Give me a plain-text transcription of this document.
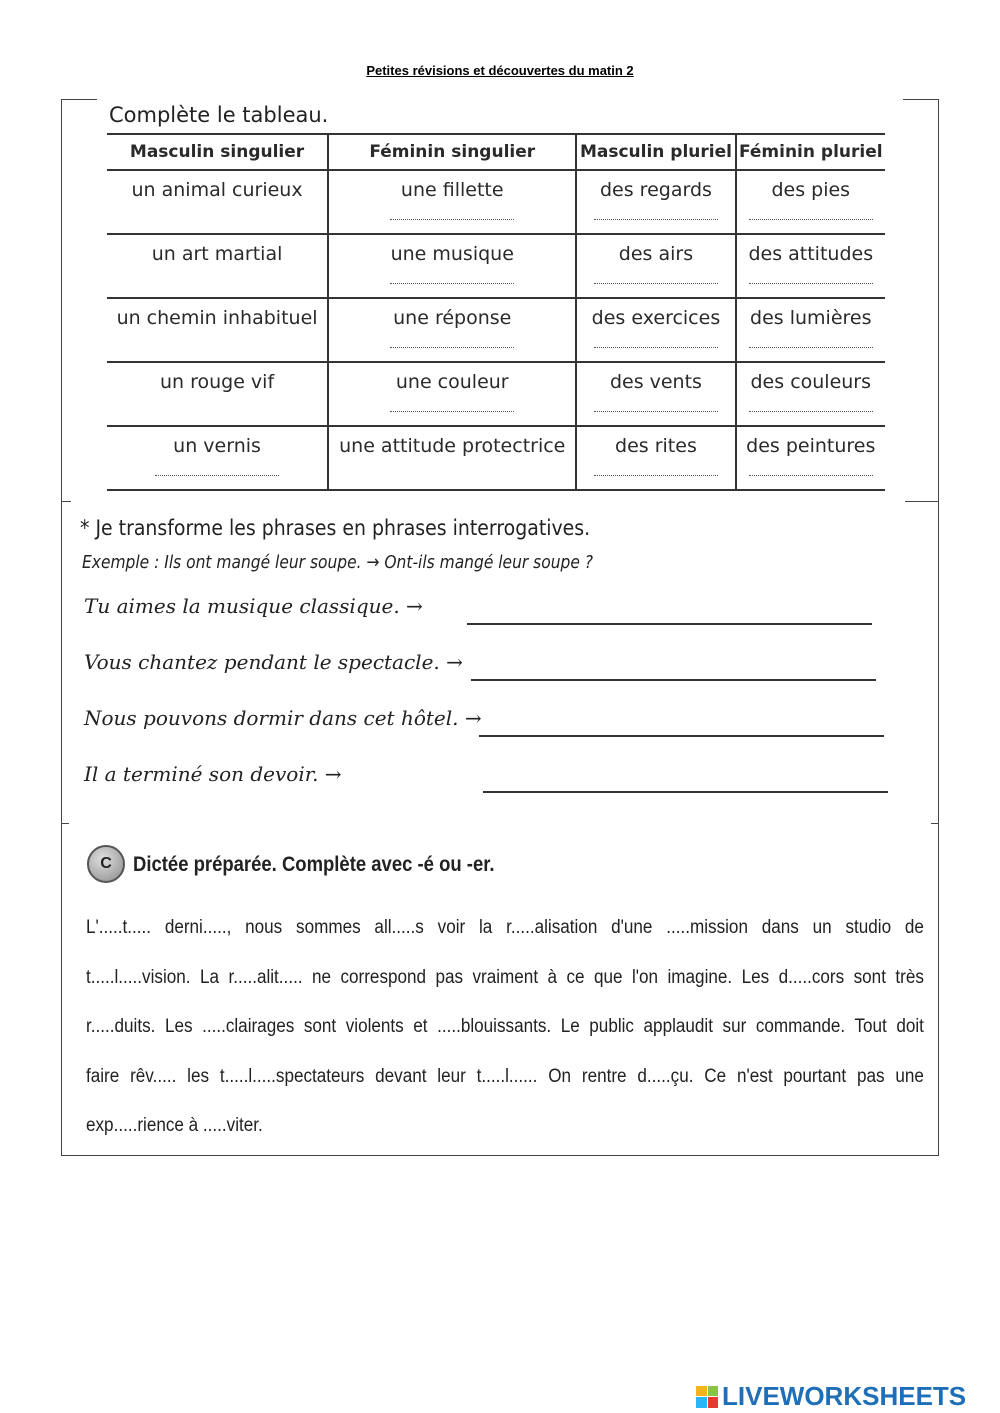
Petites révisions et découvertes du matin 2
Complète le tableau.
Masculin singulier	Féminin singulier	Masculin pluriel	Féminin pluriel
un animal curieux	une fillette	des regards	des pies

un art martial	une musique	des airs	des attitudes

un chemin inhabituel	une réponse	des exercices	des lumières

un rouge vif	une couleur	des vents	des couleurs

un vernis	une attitude protectrice	des rites	des peintures
* Je transforme les phrases en phrases interrogatives.
Exemple : Ils ont mangé leur soupe. → Ont-ils mangé leur soupe ?
Tu aimes la musique classique. →
Vous chantez pendant le spectacle. →
Nous pouvons dormir dans cet hôtel. →
Il a terminé son devoir. →
C	Dictée préparée. Complète avec -é ou -er.
L'.....t..... derni....., nous sommes all.....s voir la r.....alisation d'une .....mission dans un studio de
t.....l.....vision. La r.....alit..... ne correspond pas vraiment à ce que l'on imagine. Les d.....cors sont très
r.....duits. Les .....clairages sont violents et .....blouissants. Le public applaudit sur commande. Tout doit
faire rêv..... les t.....l.....spectateurs devant leur t.....l...... On rentre d.....çu. Ce n'est pourtant pas une
exp.....rience à .....viter.
LIVEWORKSHEETS
